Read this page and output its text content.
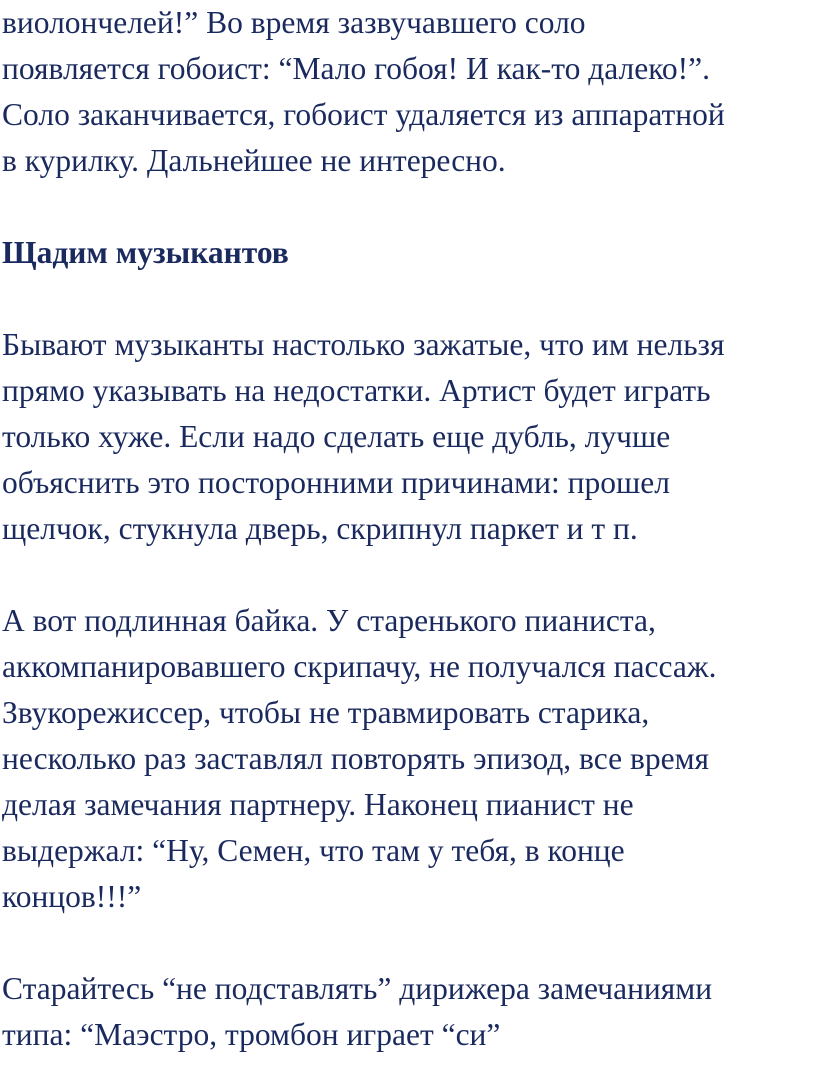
виолончелей!” Во время зазвучавшего соло
появляется гобоист: “Мало гобоя! И как-то далеко!”.
Соло заканчивается, гобоист удаляется из аппаратной
в курилку. Дальнейшее не интересно.
Щадим музыкантов
Бывают музыканты настолько зажатые, что им нельзя
прямо указывать на недостатки. Артист будет играть
только хуже. Если надо сделать еще дубль, лучше
объяснить это посторонними причинами: прошел
щелчок, стукнула дверь, скрипнул паркет и т п.
А вот подлинная байка. У старенького пианиста,
аккомпанировавшего скрипачу, не получался пассаж.
Звукорежиссер, чтобы не травмировать старика,
несколько раз заставлял повторять эпизод, все время
делая замечания партнеру. Наконец пианист не
выдержал: “Ну, Семен, что там у тебя, в конце
концов!!!”
Старайтесь “не подставлять” дирижера замечаниями
типа: “Маэстро, тромбон играет “си”
